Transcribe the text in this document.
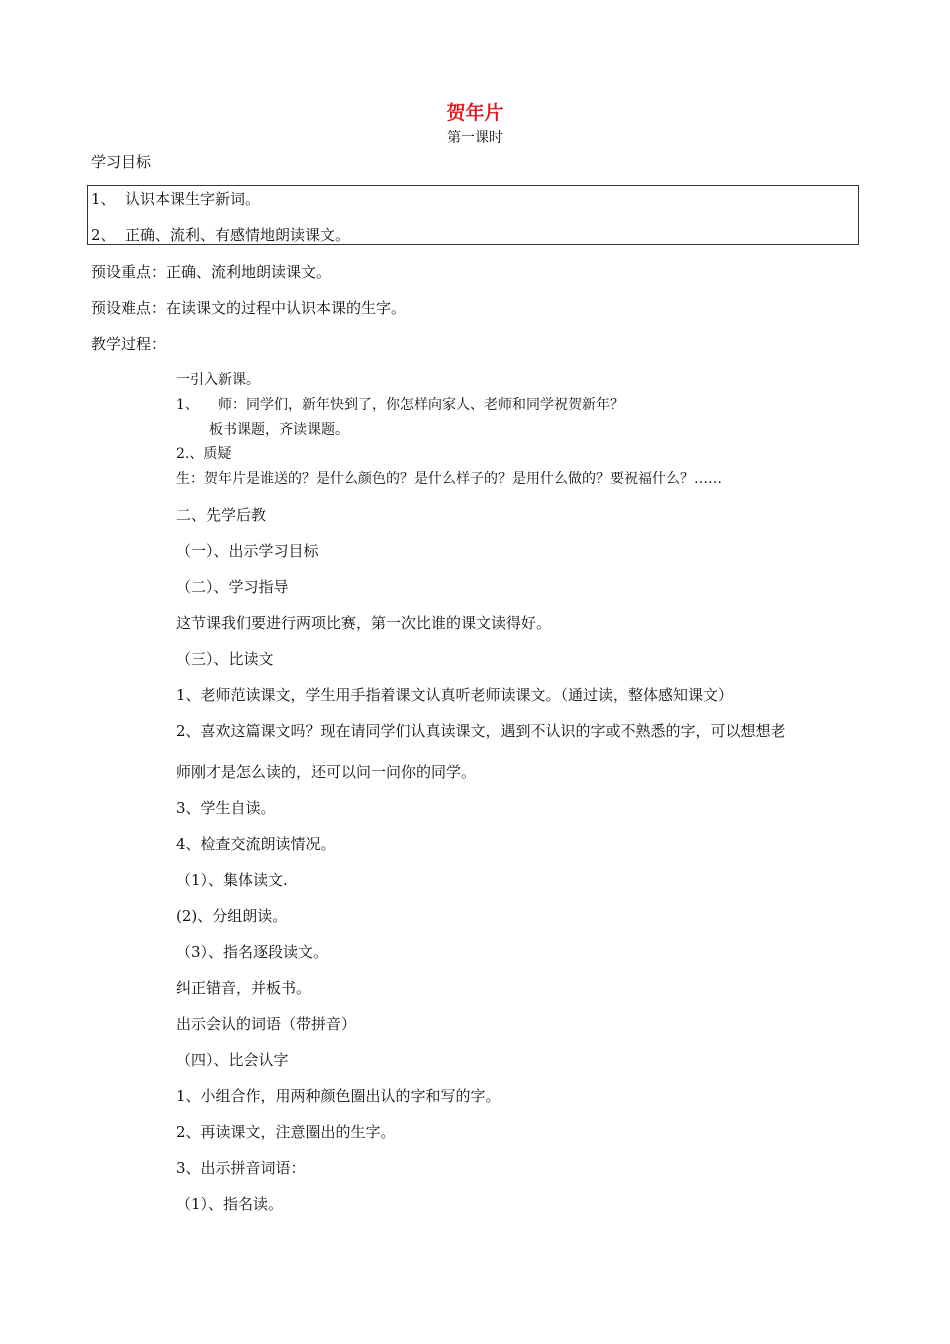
贺年片
第一课时
学习目标
1、 认识本课生字新词。
2、 正确、流利、有感情地朗读课文。
预设重点：正确、流利地朗读课文。
预设难点：在读课文的过程中认识本课的生字。
教学过程：
一引入新课。
1、 师：同学们，新年快到了，你怎样向家人、老师和同学祝贺新年？
板书课题，齐读课题。
2.、质疑
生：贺年片是谁送的？是什么颜色的？是什么样子的？是用什么做的？要祝福什么？……
二、先学后教
（一）、出示学习目标
（二）、学习指导
这节课我们要进行两项比赛，第一次比谁的课文读得好。
（三）、比读文
1、老师范读课文，学生用手指着课文认真听老师读课文。（通过读，整体感知课文）
2、喜欢这篇课文吗？现在请同学们认真读课文，遇到不认识的字或不熟悉的字，可以想想老
师刚才是怎么读的，还可以问一问你的同学。
3、学生自读。
4、检查交流朗读情况。
（1）、集体读文.
(2)、分组朗读。
（3）、指名逐段读文。
纠正错音，并板书。
出示会认的词语（带拼音）
（四）、比会认字
1、小组合作，用两种颜色圈出认的字和写的字。
2、再读课文，注意圈出的生字。
3、出示拼音词语：
（1）、指名读。
